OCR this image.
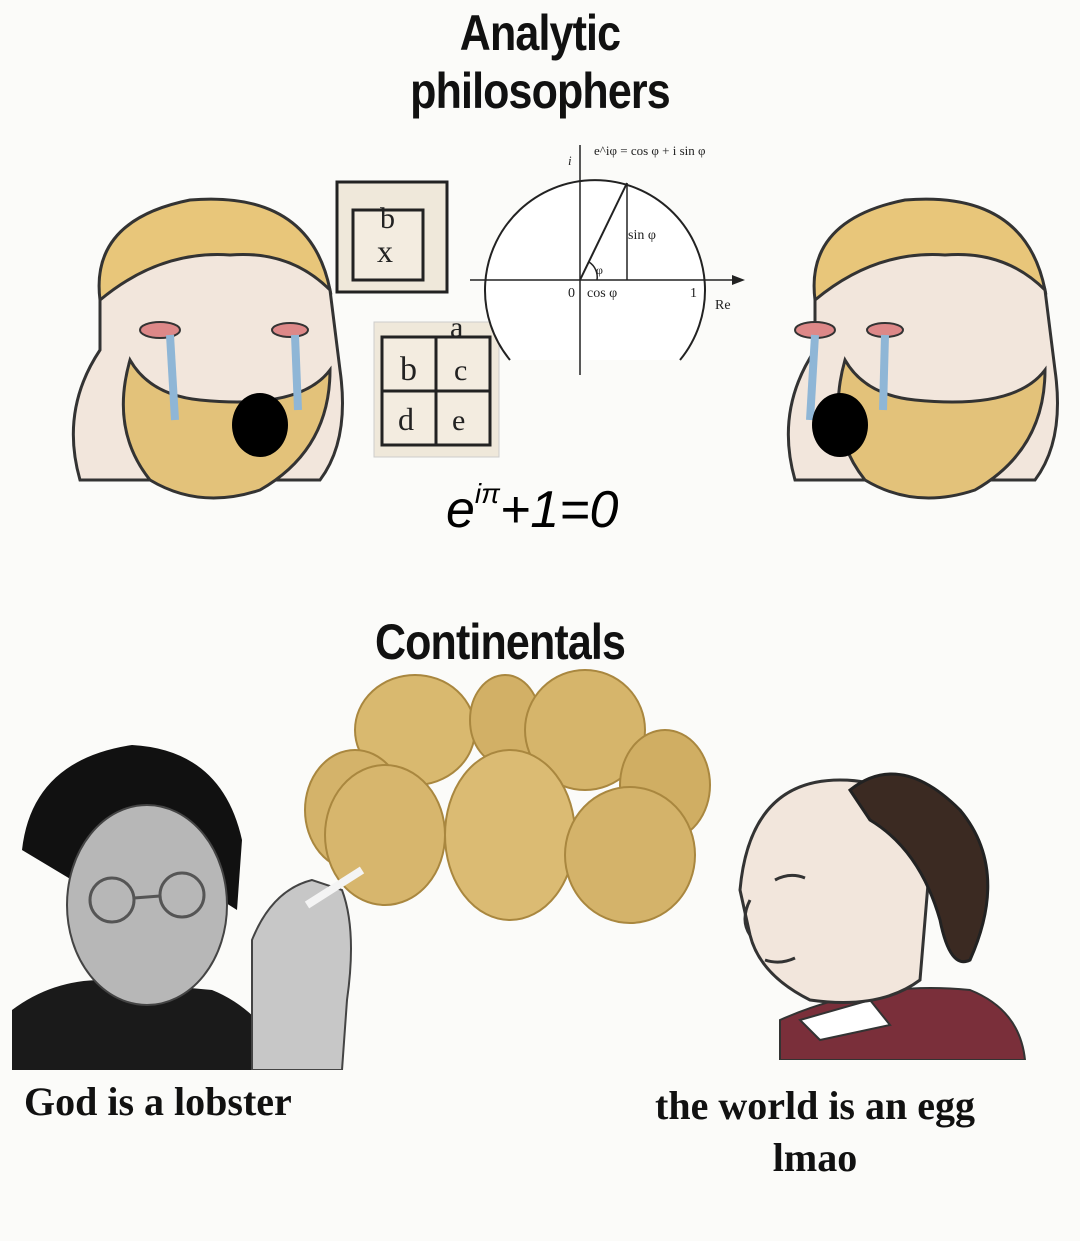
Analytic
philosophers
b
x
a
b c
d e
e^iφ = cos φ + i sin φ
i
sin φ
cos φ
φ
0	1
Re
eiπ+1=0
Continentals
God is a lobster	the world is an egg
lmao
